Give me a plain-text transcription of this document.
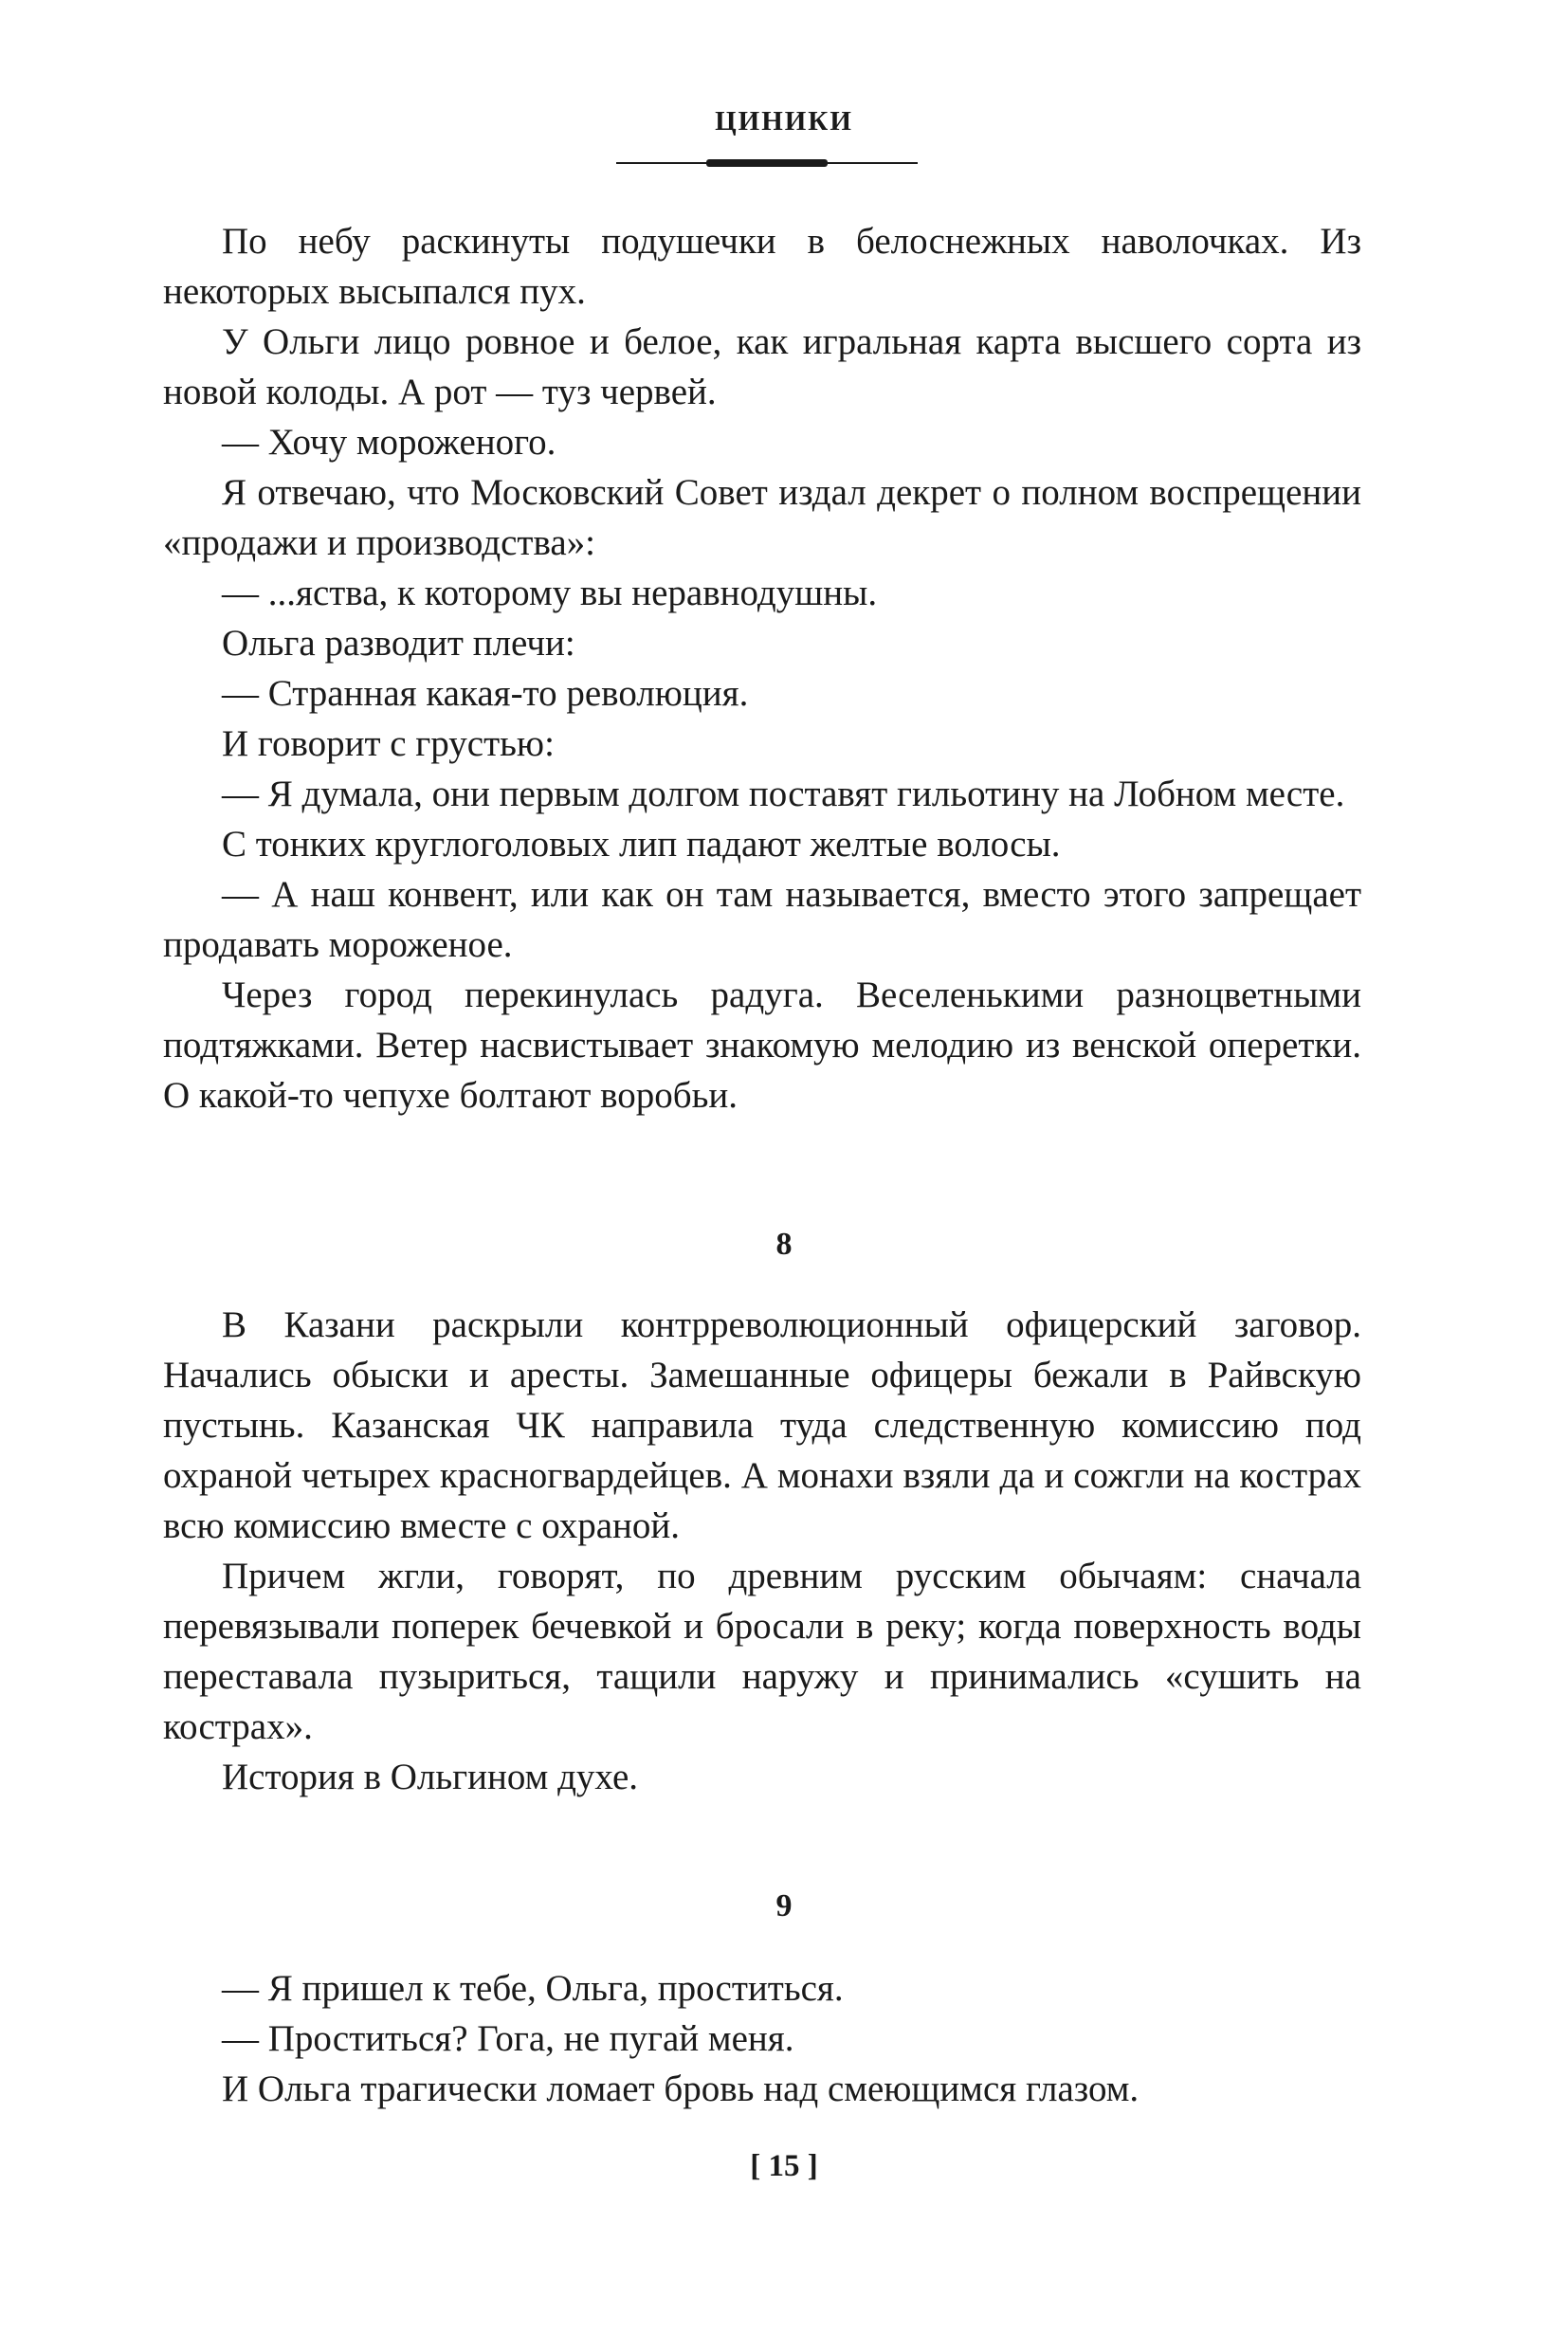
ЦИНИКИ

По небу раскинуты подушечки в белоснежных наволочках. Из некоторых высыпался пух.

У Ольги лицо ровное и белое, как игральная карта высшего сорта из новой колоды. А рот — туз червей.

— Хочу мороженого.

Я отвечаю, что Московский Совет издал декрет о полном воспрещении «продажи и производства»:

— ...яства, к которому вы неравнодушны.

Ольга разводит плечи:

— Странная какая-то революция.

И говорит с грустью:

— Я думала, они первым долгом поставят гильотину на Лобном месте.

С тонких круглоголовых лип падают желтые волосы.

— А наш конвент, или как он там называется, вместо этого запрещает продавать мороженое.

Через город перекинулась радуга. Веселенькими разноцветными подтяжками. Ветер насвистывает знакомую мелодию из венской оперетки. О какой-то чепухе болтают воробьи.

8

В Казани раскрыли контрреволюционный офицерский заговор. Начались обыски и аресты. Замешанные офицеры бежали в Райвскую пустынь. Казанская ЧК направила туда следственную комиссию под охраной четырех красногвардейцев. А монахи взяли да и сожгли на кострах всю комиссию вместе с охраной.

Причем жгли, говорят, по древним русским обычаям: сначала перевязывали поперек бечевкой и бросали в реку; когда поверхность воды переставала пузыриться, тащили наружу и принимались «сушить на кострах».

История в Ольгином духе.

9

— Я пришел к тебе, Ольга, проститься.

— Проститься? Гога, не пугай меня.

И Ольга трагически ломает бровь над смеющимся глазом.

[ 15 ]
